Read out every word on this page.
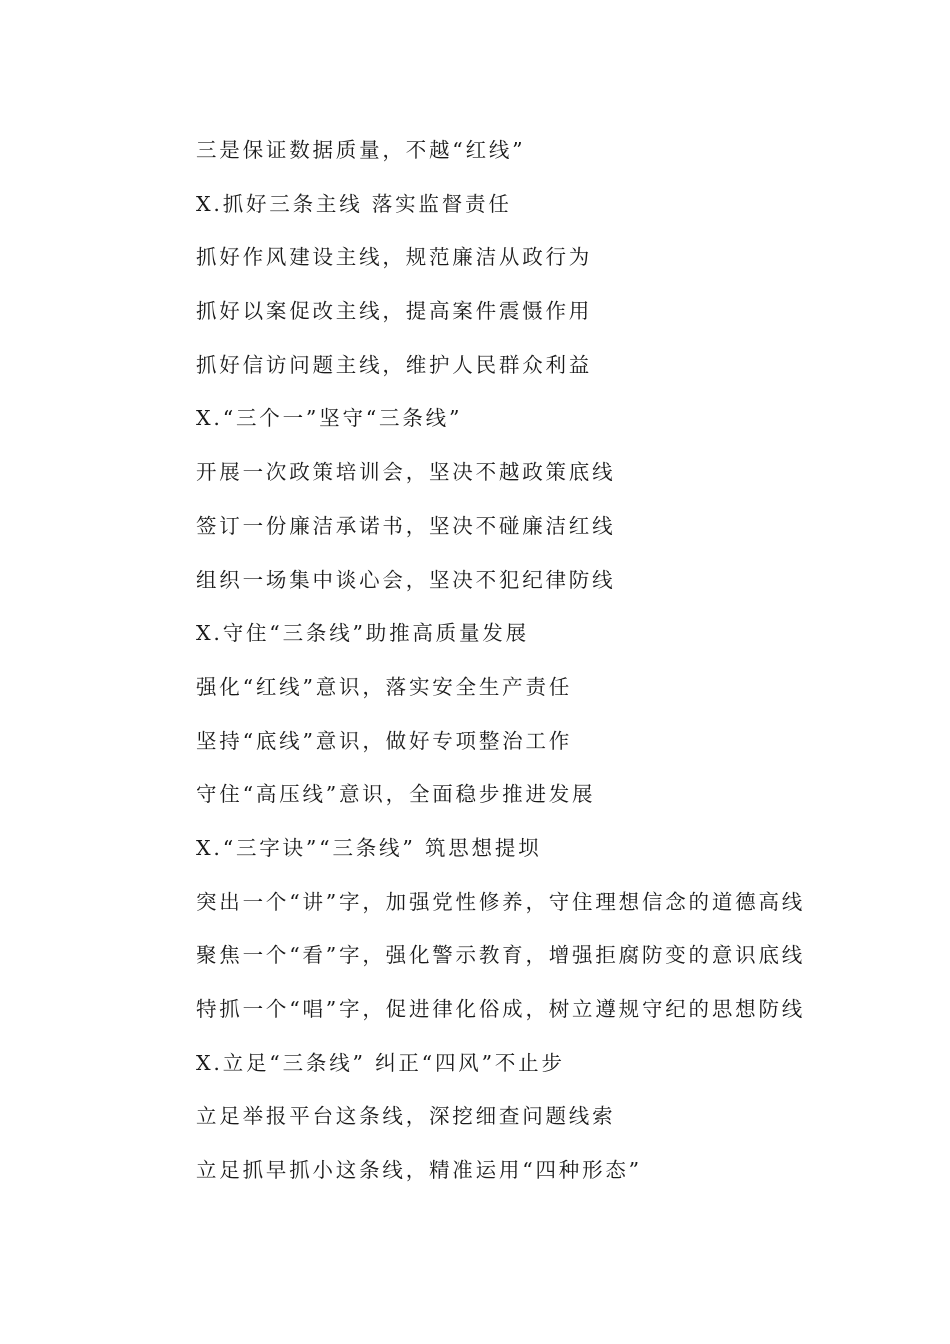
三是保证数据质量，不越“红线”
X.抓好三条主线 落实监督责任
抓好作风建设主线，规范廉洁从政行为
抓好以案促改主线，提高案件震慑作用
抓好信访问题主线，维护人民群众利益
X.“三个一”坚守“三条线”
开展一次政策培训会，坚决不越政策底线
签订一份廉洁承诺书，坚决不碰廉洁红线
组织一场集中谈心会，坚决不犯纪律防线
X.守住“三条线”助推高质量发展
强化“红线”意识，落实安全生产责任
坚持“底线”意识，做好专项整治工作
守住“高压线”意识，全面稳步推进发展
X.“三字诀”“三条线” 筑思想提坝
突出一个“讲”字，加强党性修养，守住理想信念的道德高线
聚焦一个“看”字，强化警示教育，增强拒腐防变的意识底线
特抓一个“唱”字，促进律化俗成，树立遵规守纪的思想防线
X.立足“三条线” 纠正“四风”不止步
立足举报平台这条线，深挖细查问题线索
立足抓早抓小这条线，精准运用“四种形态”
